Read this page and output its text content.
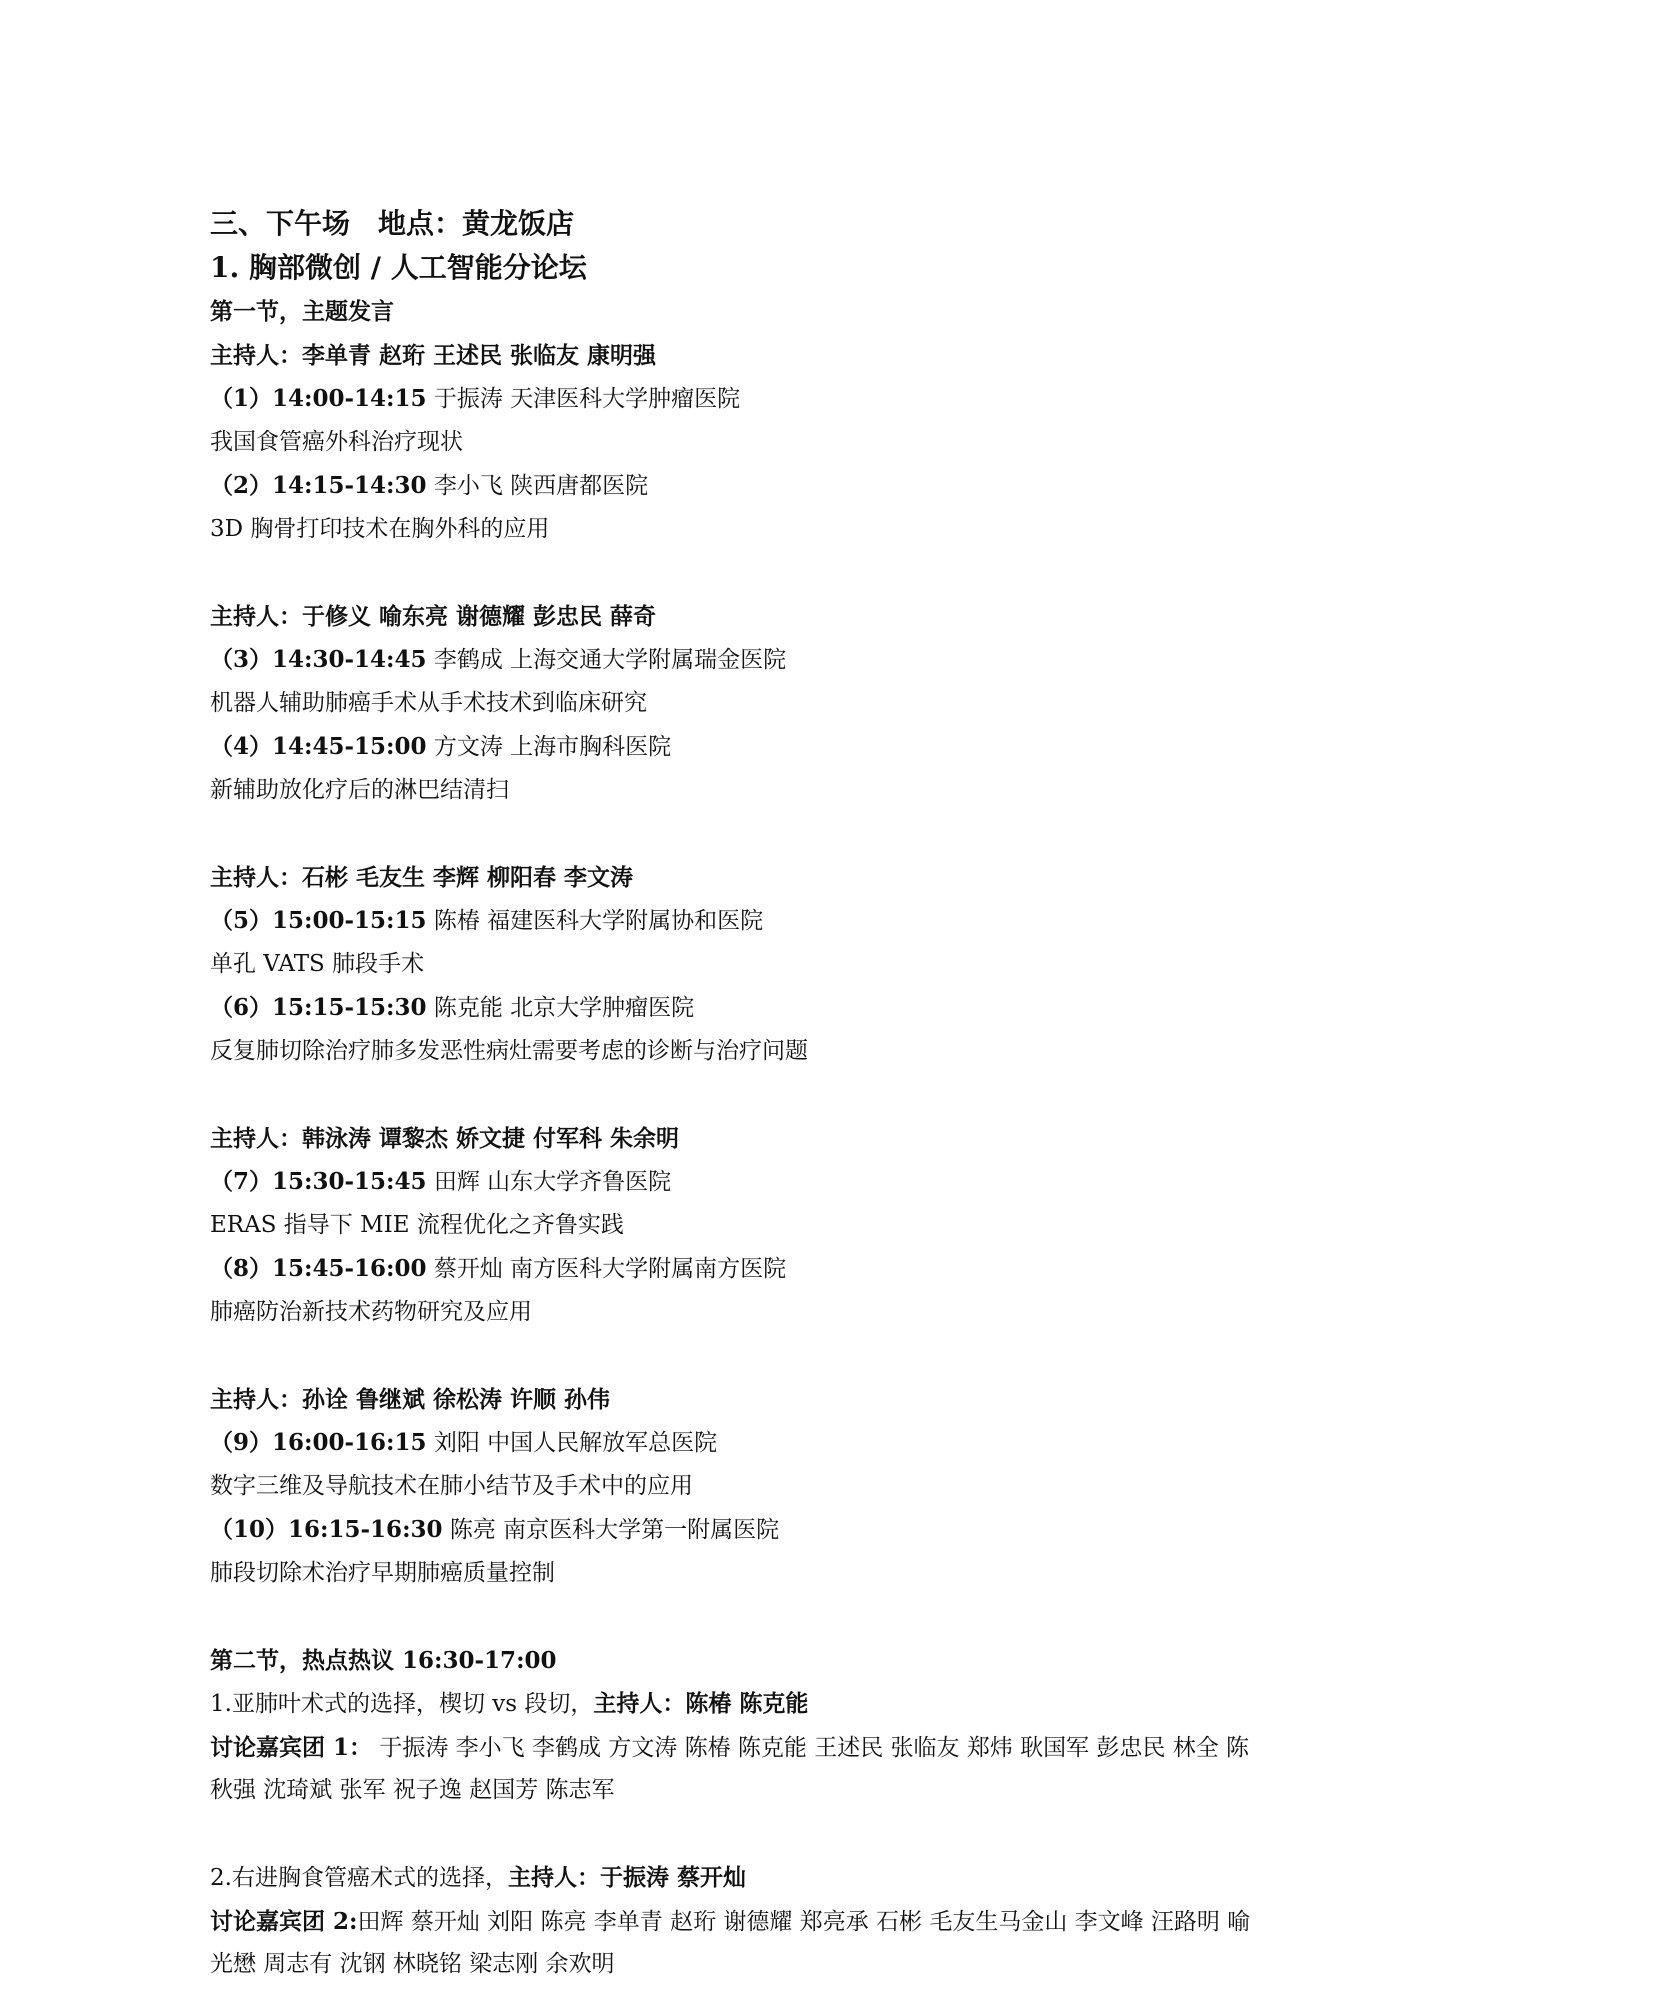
三、下午场　地点：黄龙饭店
1. 胸部微创 / 人工智能分论坛
第一节，主题发言
主持人：李单青 赵珩 王述民 张临友 康明强
（1）14:00-14:15 于振涛 天津医科大学肿瘤医院
我国食管癌外科治疗现状
（2）14:15-14:30 李小飞 陕西唐都医院
3D 胸骨打印技术在胸外科的应用
主持人：于修义 喻东亮 谢德耀 彭忠民 薛奇
（3）14:30-14:45 李鹤成 上海交通大学附属瑞金医院
机器人辅助肺癌手术从手术技术到临床研究
（4）14:45-15:00 方文涛 上海市胸科医院
新辅助放化疗后的淋巴结清扫
主持人：石彬 毛友生 李辉 柳阳春 李文涛
（5）15:00-15:15 陈椿 福建医科大学附属协和医院
单孔 VATS 肺段手术
（6）15:15-15:30 陈克能 北京大学肿瘤医院
反复肺切除治疗肺多发恶性病灶需要考虑的诊断与治疗问题
主持人：韩泳涛 谭黎杰 娇文捷 付军科 朱余明
（7）15:30-15:45 田辉 山东大学齐鲁医院
ERAS 指导下 MIE 流程优化之齐鲁实践
（8）15:45-16:00 蔡开灿 南方医科大学附属南方医院
肺癌防治新技术药物研究及应用
主持人：孙诠 鲁继斌 徐松涛 许顺 孙伟
（9）16:00-16:15 刘阳 中国人民解放军总医院
数字三维及导航技术在肺小结节及手术中的应用
（10）16:15-16:30 陈亮 南京医科大学第一附属医院
肺段切除术治疗早期肺癌质量控制
第二节，热点热议 16:30-17:00
1.亚肺叶术式的选择，楔切 vs 段切，主持人：陈椿 陈克能
讨论嘉宾团 1： 于振涛 李小飞 李鹤成 方文涛 陈椿 陈克能 王述民 张临友 郑炜 耿国军 彭忠民 林全 陈
秋强 沈琦斌 张军 祝子逸 赵国芳 陈志军
2.右进胸食管癌术式的选择，主持人：于振涛 蔡开灿
讨论嘉宾团 2:田辉 蔡开灿 刘阳 陈亮 李单青 赵珩 谢德耀 郑亮承 石彬 毛友生马金山 李文峰 汪路明 喻
光懋 周志有 沈钢 林晓铭 梁志刚 余欢明
